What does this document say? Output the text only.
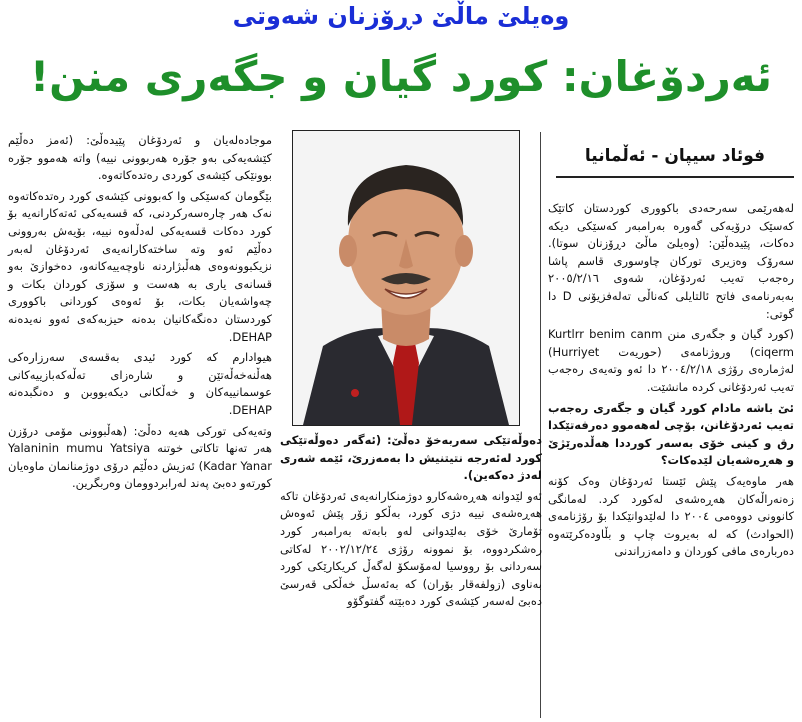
وەیلێ ماڵێ دڕۆزنان شەوتی
ئەردۆغان: کورد گیان و جگەری منن!
فوئاد سیپان - ئەڵمانیا

لەهەرێمی سەرحەدی باکووری کوردستان کاتێک کەسێک درۆیەکی گەورە بەرامبەر کەسێکی دیکە دەکات، پێیدەڵێن: (وەیلێ ماڵێ دڕۆزنان سوتا). سەرۆک وەزیری تورکان چاوسوری قاسم پاشا رەجەب تەیب ئەردۆغان، شەوی ٢٠٠٥/٢/١٦ بەبەرنامەی فاتح ئالتایلی کەناڵی تەلەفزیۆنی D دا گوتی:

(کورد گیان و جگەری منن Kurtlrr benim canm ciqerm) وروژنامەی (حوریەت Hurriyet) لەژمارەی رۆژی ٢٠٠٤/٢/١٨ دا ئەو وتەیەی رەجەب تەیب ئەردۆغانی کردە مانشێت.

ئێ باشە مادام کورد گیان و جگەری رەجەب تەیب ئەردۆغانن، بۆچی لەهەموو دەرفەتێکدا رق و کینی خۆی بەسەر کورددا هەڵدەرێژێ و هەڕەشەیان لێدەکات؟

هەر ماوەیەک پێش ئێستا ئەردۆغان وەک کۆنە زەنەراڵەکان هەڕەشەی لەکورد کرد. لەمانگی کانوونی دووەمی ٢٠٠٤ دا لەلێدوانێکدا بۆ رۆژنامەی (الحوادث) کە لە بەیروت چاپ و بڵاودەکرێتەوە دەربارەی مافی کوردان و دامەزراندنی

موجادەلەیان و ئەردۆغان پێیدەڵێ: (ئەمز دەڵێم کێشەیەکی بەو جۆرە هەربوونی نییە) واتە هەموو جۆرە بوونێکی کێشەی کوردی رەتدەکاتەوە.

بێگومان کەسێکی وا کەبوونی کێشەی کورد رەتدەکاتەوە نەک هەر چارەسەرکردنی، کە قسەیەکی ئەتەکارانەیە بۆ کورد دەکات قسەیەکی لەدڵەوە نییە، بۆیەش بەروونی دەڵێم ئەو وتە ساختەکارانەیەی ئەردۆغان لەبەر نزیکبوونەوەی هەڵبژاردنە ناوچەییەکانەو، دەخوازێ بەو قسانەی یاری بە هەست و سۆزی کوردان بکات و چەواشەیان بکات، بۆ ئەوەی کوردانی باکووری کوردستان دەنگەکانیان بدەنە حیزبەکەی ئەوو نەیدەنە DEHAP.

هیوادارم کە کورد ئیدی بەقسەی سەرزارەکی هەڵنەخەڵەتێن و شارەزای تەڵەکەبازییەکانی عوسمانییەکان و خەڵکانی دیکەبووبن و دەنگبدەنە DEHAP.

وتەیەکی تورکی هەیە دەڵێ: (هەڵبوونی مۆمی درۆزن هەر تەنها تاکاتی خوتنە Yalaninin mumu Yatsiya Kadar Yanar) ئەزیش دەڵێم درۆی دوژمنانمان ماوەیان کورتەو دەبێ پەند لەرابردوومان وەربگرین.

دەوڵەتێکی سەربەخۆ دەڵێ: (ئەگەر دەوڵەتێکی کورد لەئەرجە نتیتنیش دا بەمەزرێ، ئێمە شەری لەدژ دەکەین).

ئەو لێدوانە هەڕەشەکارو دوژمنکارانەیەی ئەردۆغان تاکە هەڕەشەی نییە دژی کورد، بەڵکو زۆر پێش ئەوەش تۆمارێ خۆی بەلێدوانی لەو بابەتە بەرامبەر کورد رەشکردووە، بۆ نموونە رۆژی ٢٠٠٢/١٢/٢٤ لەکاتی سەردانی بۆ رووسیا لەمۆسکۆ لەگەڵ کریکارێکی کورد بەناوی (زولفەقار بۆران) کە بەئەسڵ خەڵکی قەرسێ دەبێ لەسەر کێشەی کورد دەبێتە گفتوگۆو
